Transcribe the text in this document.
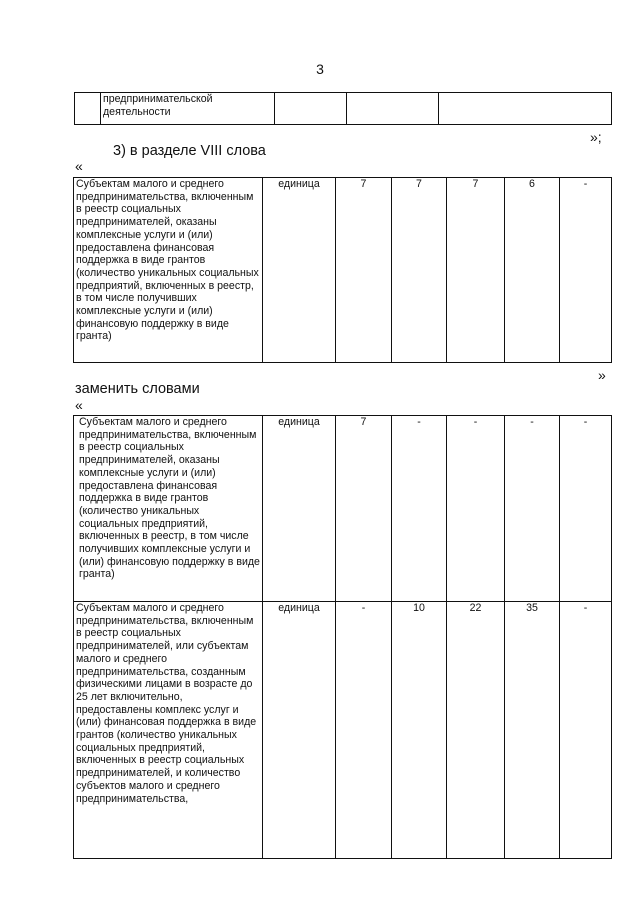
3
	предпринимательской деятельности			
»;
3) в разделе VIII слова
«
Субъектам малого и среднего предпринимательства, включенным в реестр социальных предпринимателей, оказаны комплексные услуги и (или) предоставлена финансовая поддержка в виде грантов (количество уникальных социальных предприятий, включенных в реестр, в том числе получивших комплексные услуги и (или) финансовую поддержку в виде гранта)	единица	7	7	7	6	-
»
заменить словами
«
Субъектам малого и среднего предпринимательства, включенным в реестр социальных предпринимателей, оказаны комплексные услуги и (или) предоставлена финансовая поддержка в виде грантов (количество уникальных социальных предприятий, включенных в реестр, в том числе получивших комплексные услуги и (или) финансовую поддержку в виде гранта)	единица	7	-	-	-	-
Субъектам малого и среднего предпринимательства, включенным в реестр социальных предпринимателей, или субъектам малого и среднего предпринимательства, созданным физическими лицами в возрасте до 25 лет включительно, предоставлены комплекс услуг и (или) финансовая поддержка в виде грантов (количество уникальных социальных предприятий, включенных в реестр социальных предпринимателей, и количество субъектов малого и среднего предпринимательства,	единица	-	10	22	35	-
